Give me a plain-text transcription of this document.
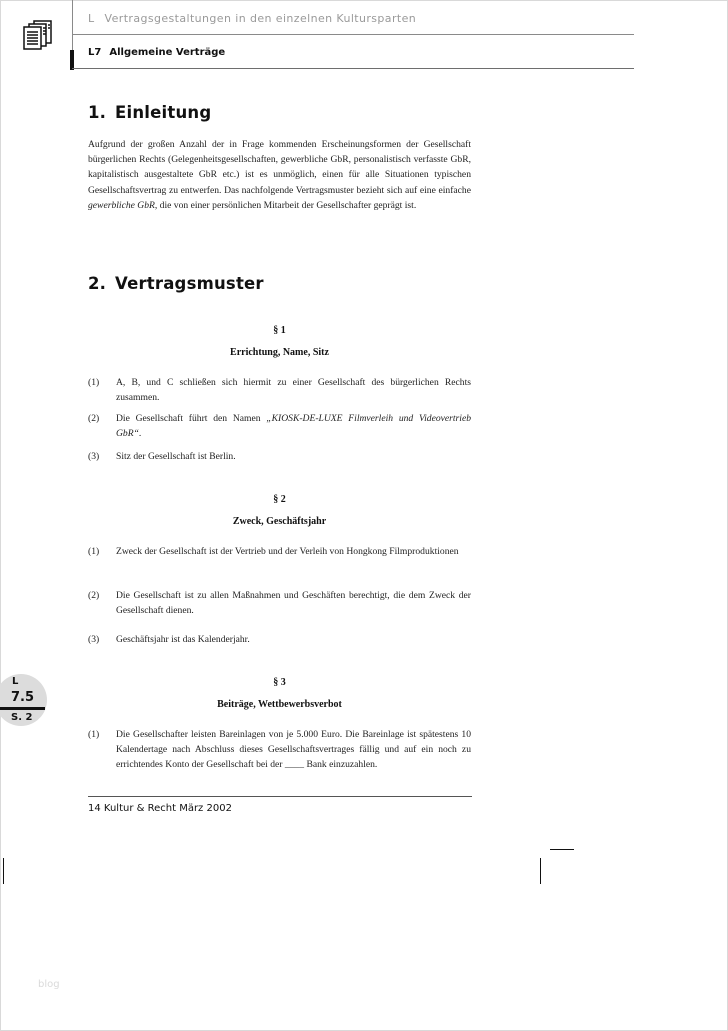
L Vertragsgestaltungen in den einzelnen Kultursparten
L7 Allgemeine Verträge
1. Einleitung
Aufgrund der großen Anzahl der in Frage kommenden Erscheinungsformen der Gesellschaft bürgerlichen Rechts (Gelegenheitsgesellschaften, gewerbliche GbR, personalistisch verfasste GbR, kapitalistisch ausgestaltete GbR etc.) ist es unmöglich, einen für alle Situationen typischen Gesellschaftsvertrag zu entwerfen. Das nachfolgende Vertragsmuster bezieht sich auf eine einfache gewerbliche GbR, die von einer persönlichen Mitarbeit der Gesellschafter geprägt ist.
2. Vertragsmuster
§ 1
Errichtung, Name, Sitz
(1) A, B, und C schließen sich hiermit zu einer Gesellschaft des bürgerlichen Rechts zusammen.
(2) Die Gesellschaft führt den Namen „KIOSK-DE-LUXE Filmverleih und Videovertrieb GbR“.
(3) Sitz der Gesellschaft ist Berlin.
§ 2
Zweck, Geschäftsjahr
(1) Zweck der Gesellschaft ist der Vertrieb und der Verleih von Hongkong Filmproduktionen
(2) Die Gesellschaft ist zu allen Maßnahmen und Geschäften berechtigt, die dem Zweck der Gesellschaft dienen.
(3) Geschäftsjahr ist das Kalenderjahr.
§ 3
Beiträge, Wettbewerbsverbot
(1) Die Gesellschafter leisten Bareinlagen von je 5.000 Euro. Die Bareinlage ist spätestens 10 Kalendertage nach Abschluss dieses Gesellschaftsvertrages fällig und auf ein noch zu errichtendes Konto der Gesellschaft bei der ____ Bank einzuzahlen.
14 Kultur & Recht März 2002
L
7.5
S. 2
blog
